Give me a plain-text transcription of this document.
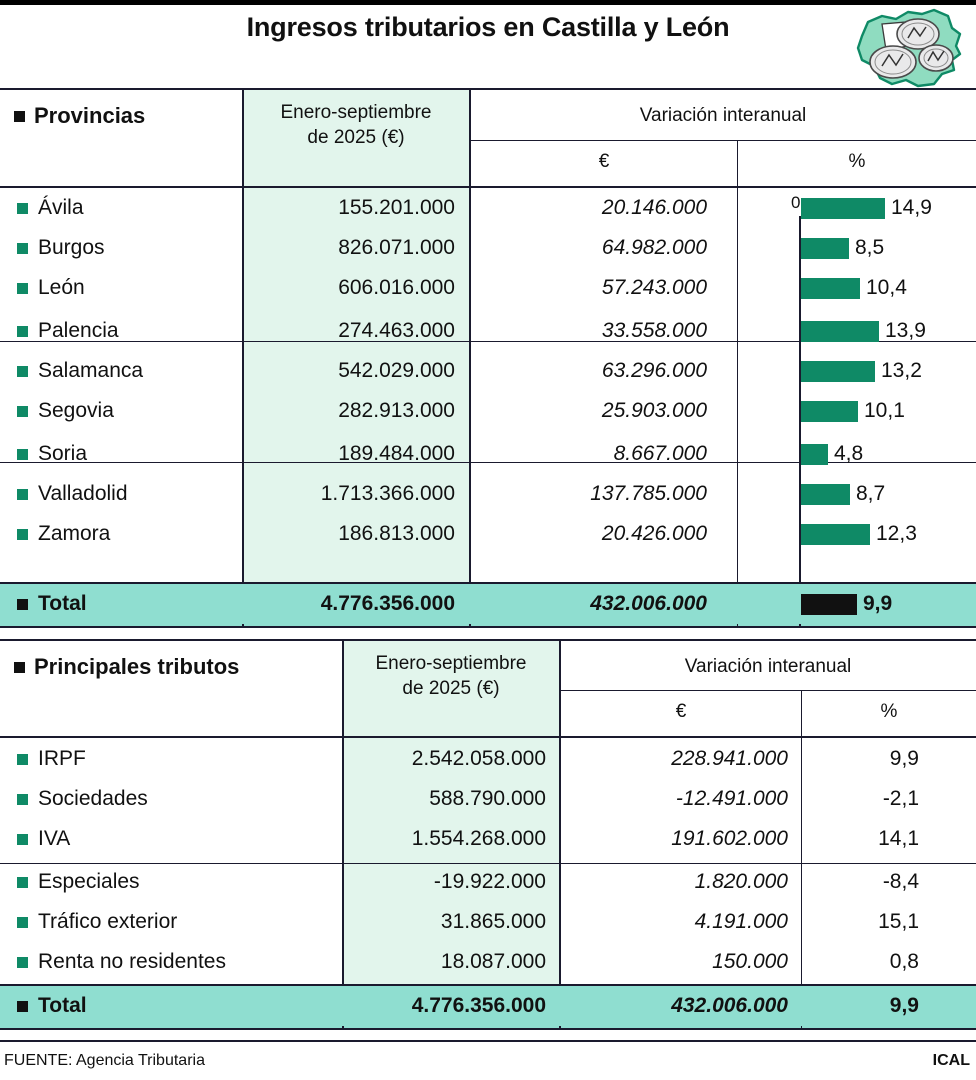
Ingresos tributarios en Castilla y León
Provincias	Enero-septiembre
de 2025 (€)
Variación interanual
€	%
0
Ávila	155.201.000	20.146.000	14,9
Burgos	826.071.000	64.982.000	8,5
León	606.016.000	57.243.000	10,4
Palencia	274.463.000	33.558.000	13,9
Salamanca	542.029.000	63.296.000	13,2
Segovia	282.913.000	25.903.000	10,1
Soria	189.484.000	8.667.000	4,8
Valladolid	1.713.366.000	137.785.000	8,7
Zamora	186.813.000	20.426.000	12,3
Total	4.776.356.000	432.006.000	9,9
Principales tributos	Enero-septiembre
de 2025 (€)
Variación interanual
€	%
IRPF	2.542.058.000	228.941.000	9,9
Sociedades	588.790.000	-12.491.000	-2,1
IVA	1.554.268.000	191.602.000	14,1
Especiales	-19.922.000	1.820.000	-8,4
Tráfico exterior	31.865.000	4.191.000	15,1
Renta no residentes	18.087.000	150.000	0,8
Total	4.776.356.000	432.006.000	9,9
FUENTE: Agencia Tributaria	ICAL
